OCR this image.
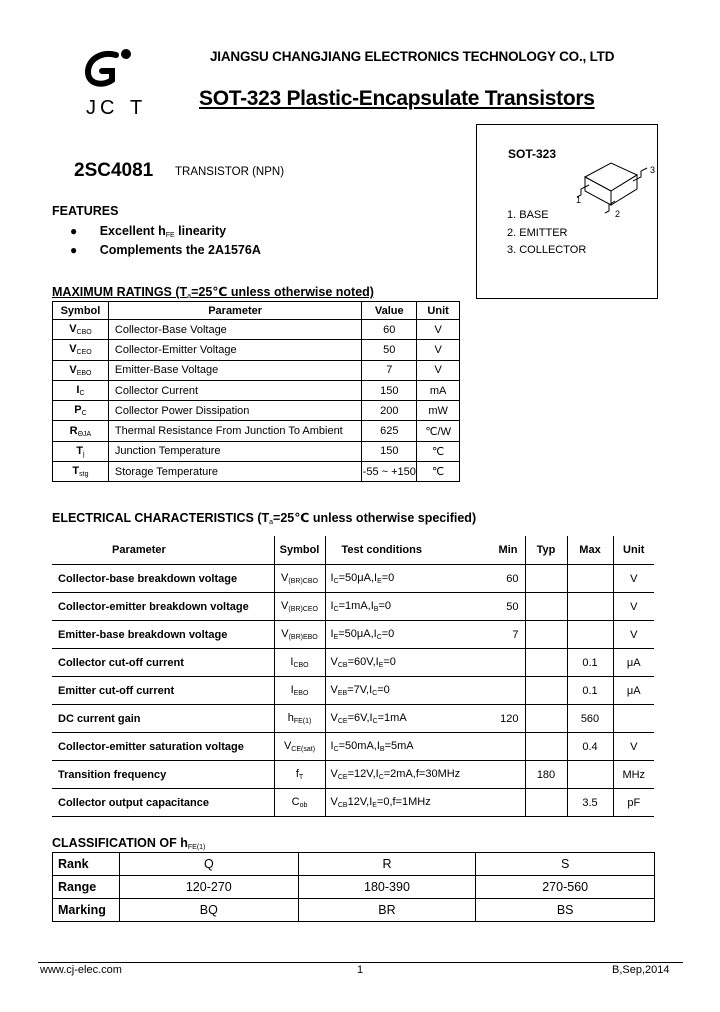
J C T
JIANGSU CHANGJIANG ELECTRONICS TECHNOLOGY CO., LTD
SOT-323 Plastic-Encapsulate Transistors
SOT-323
3
2
1
1. BASE
2. EMITTER
3. COLLECTOR
2SC4081 TRANSISTOR (NPN)
FEATURES
● Excellent $h_{FE}$ linearity
● Complements the 2A1576A
MAXIMUM RATINGS ($T_a=25℃$ unless otherwise noted)
Symbol	Parameter	Value	Unit
$V_{CBO}$	Collector-Base Voltage	60	V
$V_{CEO}$	Collector-Emitter Voltage	50	V
$V_{EBO}$	Emitter-Base Voltage	7	V
$I_C$	Collector Current	150	mA
$P_C$	Collector Power Dissipation	200	mW
$R_{\Theta JA}$	Thermal Resistance From Junction To Ambient	625	℃/W
$T_j$	Junction Temperature	150	℃
$T_{stg}$	Storage Temperature	-55 ~ +150	℃
ELECTRICAL CHARACTERISTICS ($T_a=25℃$ unless otherwise specified)
Parameter	Symbol	Test conditions	Min	Typ	Max	Unit
Collector-base breakdown voltage	$V_{(BR)CBO}$	$I_C=50\mu A,I_E=0$	60			V
Collector-emitter breakdown voltage	$V_{(BR)CEO}$	$I_C=1mA,I_B=0$	50			V
Emitter-base breakdown voltage	$V_{(BR)EBO}$	$I_E=50\mu A,I_C=0$	7			V
Collector cut-off current	$I_{CBO}$	$V_{CB}=60V,I_E=0$			0.1	μA
Emitter cut-off current	$I_{EBO}$	$V_{EB}=7V,I_C=0$			0.1	μA
DC current gain	$h_{FE(1)}$	$V_{CE}=6V,I_C=1mA$	120		560	
Collector-emitter saturation voltage	$V_{CE(sat)}$	$I_C=50mA,I_B=5mA$			0.4	V
Transition frequency	$f_T$	$V_{CE}=12V,I_C=2mA,f=30MHz$		180		MHz
Collector output capacitance	$C_{ob}$	$V_{CB}12V,I_E=0,f=1MHz$			3.5	pF
CLASSIFICATION OF $h_{FE(1)}$
Rank	Q	R	S
Range	120-270	180-390	270-560
Marking	BQ	BR	BS
www.cj-elec.com	1	B,Sep,2014
